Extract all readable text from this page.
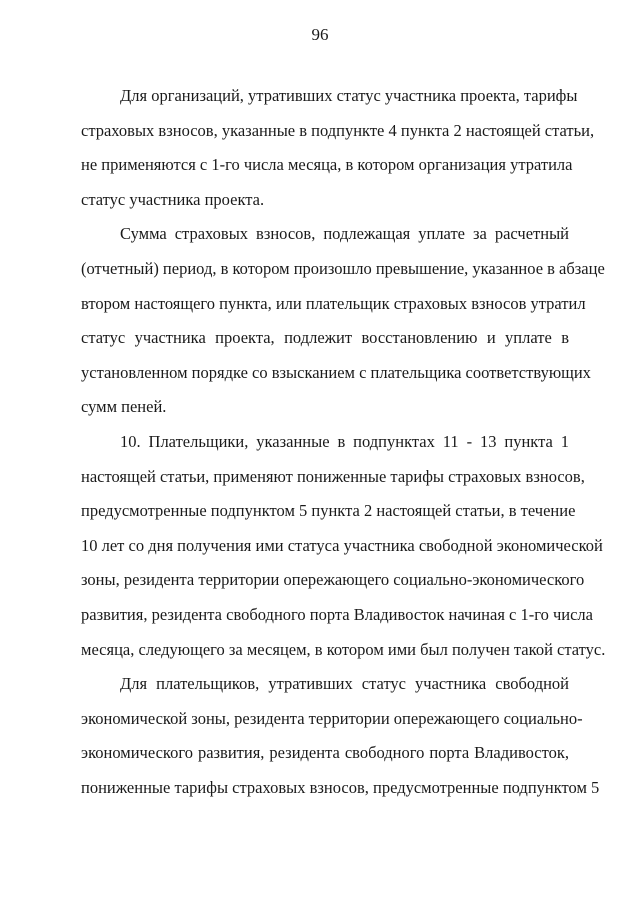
96

Для организаций, утративших статус участника проекта, тарифы
страховых взносов, указанные в подпункте 4 пункта 2 настоящей статьи,
не применяются с 1-го числа месяца, в котором организация утратила
статус участника проекта.

Сумма страховых взносов, подлежащая уплате за расчетный
(отчетный) период, в котором произошло превышение, указанное в абзаце
втором настоящего пункта, или плательщик страховых взносов утратил
статус участника проекта, подлежит восстановлению и уплате в
установленном порядке со взысканием с плательщика соответствующих
сумм пеней.

10. Плательщики, указанные в подпунктах 11 - 13 пункта 1
настоящей статьи, применяют пониженные тарифы страховых взносов,
предусмотренные подпунктом 5 пункта 2 настоящей статьи, в течение
10 лет со дня получения ими статуса участника свободной экономической
зоны, резидента территории опережающего социально-экономического
развития, резидента свободного порта Владивосток начиная с 1-го числа
месяца, следующего за месяцем, в котором ими был получен такой статус.

Для плательщиков, утративших статус участника свободной
экономической зоны, резидента территории опережающего социально-
экономического развития, резидента свободного порта Владивосток,
пониженные тарифы страховых взносов, предусмотренные подпунктом 5
